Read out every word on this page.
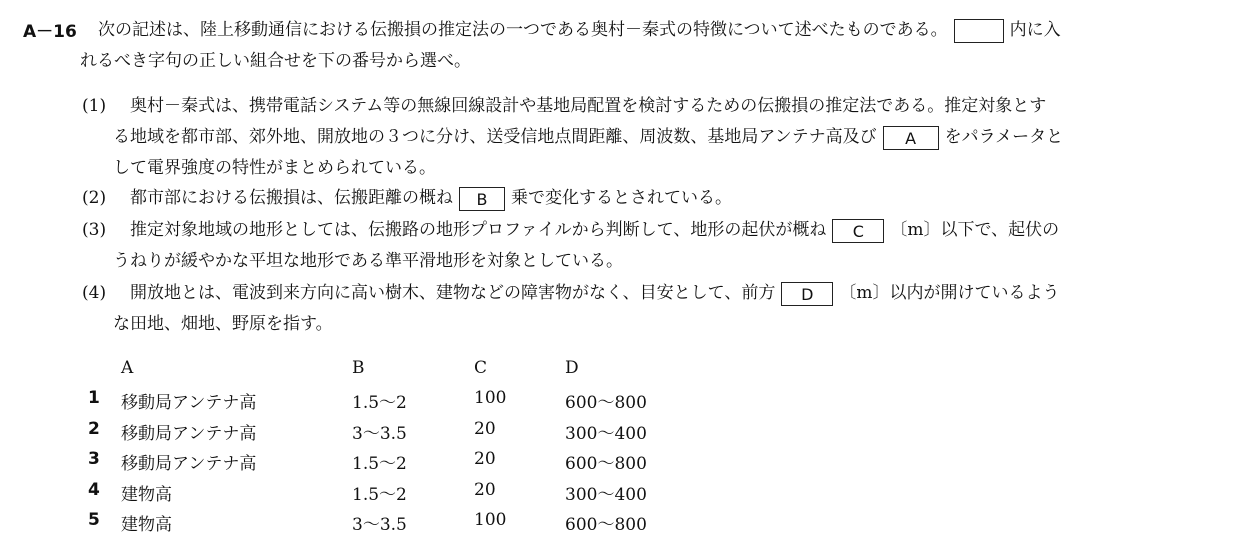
A－16 次の記述は、陸上移動通信における伝搬損の推定法の一つである奥村－秦式の特徴について述べたものである。	内に入
れるべき字句の正しい組合せを下の番号から選べ。
(1) 奥村－秦式は、携帯電話システム等の無線回線設計や基地局配置を検討するための伝搬損の推定法である。推定対象とす
る地域を都市部、郊外地、開放地の３つに分け、送受信地点間距離、周波数、基地局アンテナ高及び A をパラメータと
して電界強度の特性がまとめられている。
(2) 都市部における伝搬損は、伝搬距離の概ね B 乗で変化するとされている。
(3) 推定対象地域の地形としては、伝搬路の地形プロファイルから判断して、地形の起伏が概ね C 〔m〕以下で、起伏の
うねりが緩やかな平坦な地形である準平滑地形を対象としている。
(4) 開放地とは、電波到来方向に高い樹木、建物などの障害物がなく、目安として、前方 D 〔m〕以内が開けているよう
な田地、畑地、野原を指す。
A	B	C	D
1 移動局アンテナ高	1.5～2	100	600～800
2 移動局アンテナ高	3～3.5	20	300～400
3 移動局アンテナ高	1.5～2	20	600～800
4 建物高	1.5～2	20	300～400
5 建物高	3～3.5	100	600～800
